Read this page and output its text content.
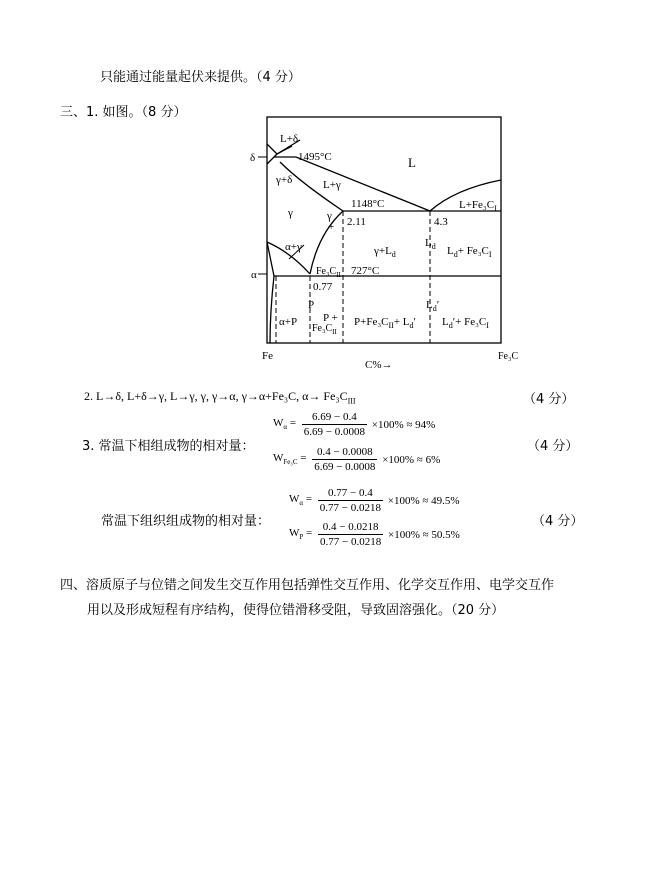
只能通过能量起伏来提供。（4 分）
三、1. 如图。（8 分）
L+δ
1495°C	L
δ
γ+δ	L+γ
1148°C	$L+Fe_3C_I$
γ
2.11	4.3
$L_d$
α+γ
γ
+
$Fe_3C_{II}$
$\gamma+L_d$	$L_d+ Fe_3C_I$
α	727°C
0.77
P
P +
$Fe_3C_{II}$
$L_d'$
α+P	$P+Fe_3C_{II}+ L_d'$ $L_d'+ Fe_3C_I$
Fe	Fe₃C
C%→
2. L→δ, L+δ→γ, L→γ, γ, γ→α, γ→α+Fe₃C, $\alpha\to Fe_3C_{III}$	（4 分）
3. 常温下相组成物的相对量：	（4 分）
$W_\alpha = \frac{6.69 - 0.4}{6.69 - 0.0008} \times 100\% \approx 94\%$
$W_{Fe_3C} = \frac{0.4 - 0.0008}{6.69 - 0.0008} \times 100\% \approx 6\%$
常温下组织组成物的相对量：	（4 分）
$W_\alpha = \frac{0.77 - 0.4}{0.77 - 0.0218} \times 100\% \approx 49.5\%$
$W_P = \frac{0.4 - 0.0218}{0.77 - 0.0218} \times 100\% \approx 50.5\%$
四、溶质原子与位错之间发生交互作用包括弹性交互作用、化学交互作用、电学交互作
用以及形成短程有序结构，使得位错滑移受阻，导致固溶强化。（20 分）
